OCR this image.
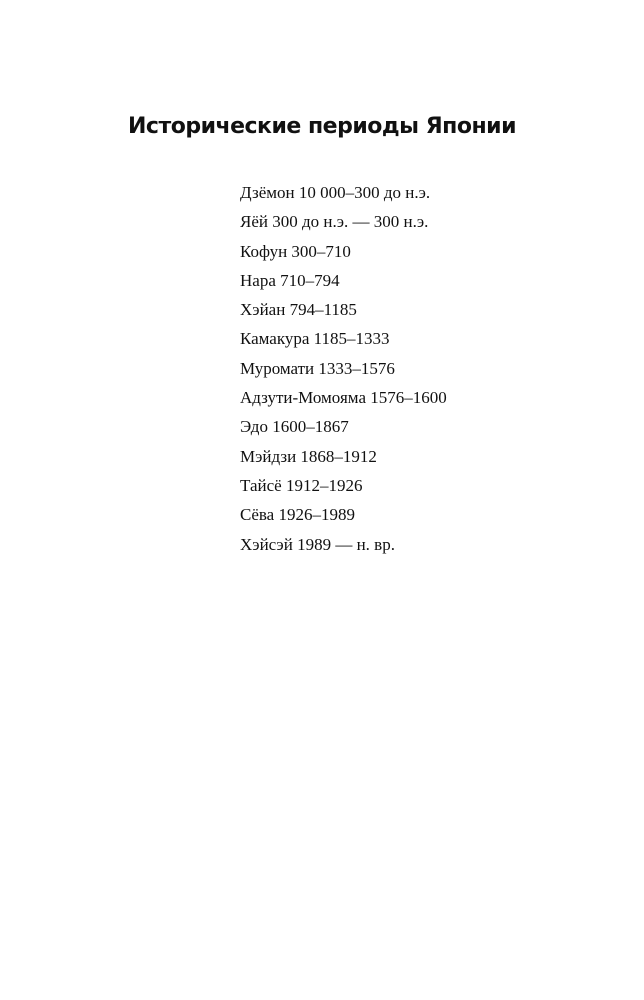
Исторические периоды Японии
Дзёмон 10 000–300 до н.э.
Яёй 300 до н.э. — 300 н.э.
Кофун 300–710
Нара 710–794
Хэйан 794–1185
Камакура 1185–1333
Муромати 1333–1576
Адзути-Момояма 1576–1600
Эдо 1600–1867
Мэйдзи 1868–1912
Тайсё 1912–1926
Сёва 1926–1989
Хэйсэй 1989 — н. вр.
